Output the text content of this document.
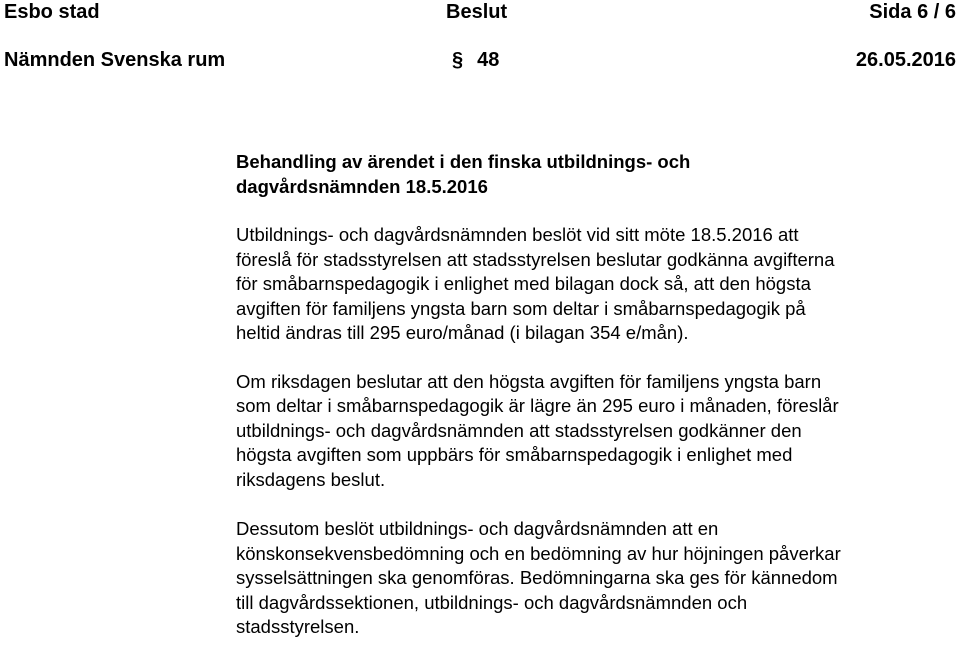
Esbo stad	Beslut	Sida 6 / 6
Nämnden Svenska rum	§ 48	26.05.2016

Behandling av ärendet i den finska utbildnings- och
dagvårdsnämnden 18.5.2016

Utbildnings- och dagvårdsnämnden beslöt vid sitt möte 18.5.2016 att
föreslå för stadsstyrelsen att stadsstyrelsen beslutar godkänna avgifterna
för småbarnspedagogik i enlighet med bilagan dock så, att den högsta
avgiften för familjens yngsta barn som deltar i småbarnspedagogik på
heltid ändras till 295 euro/månad (i bilagan 354 e/mån).

Om riksdagen beslutar att den högsta avgiften för familjens yngsta barn
som deltar i småbarnspedagogik är lägre än 295 euro i månaden, föreslår
utbildnings- och dagvårdsnämnden att stadsstyrelsen godkänner den
högsta avgiften som uppbärs för småbarnspedagogik i enlighet med
riksdagens beslut.

Dessutom beslöt utbildnings- och dagvårdsnämnden att en
könskonsekvensbedömning och en bedömning av hur höjningen påverkar
sysselsättningen ska genomföras. Bedömningarna ska ges för kännedom
till dagvårdssektionen, utbildnings- och dagvårdsnämnden och
stadsstyrelsen.
